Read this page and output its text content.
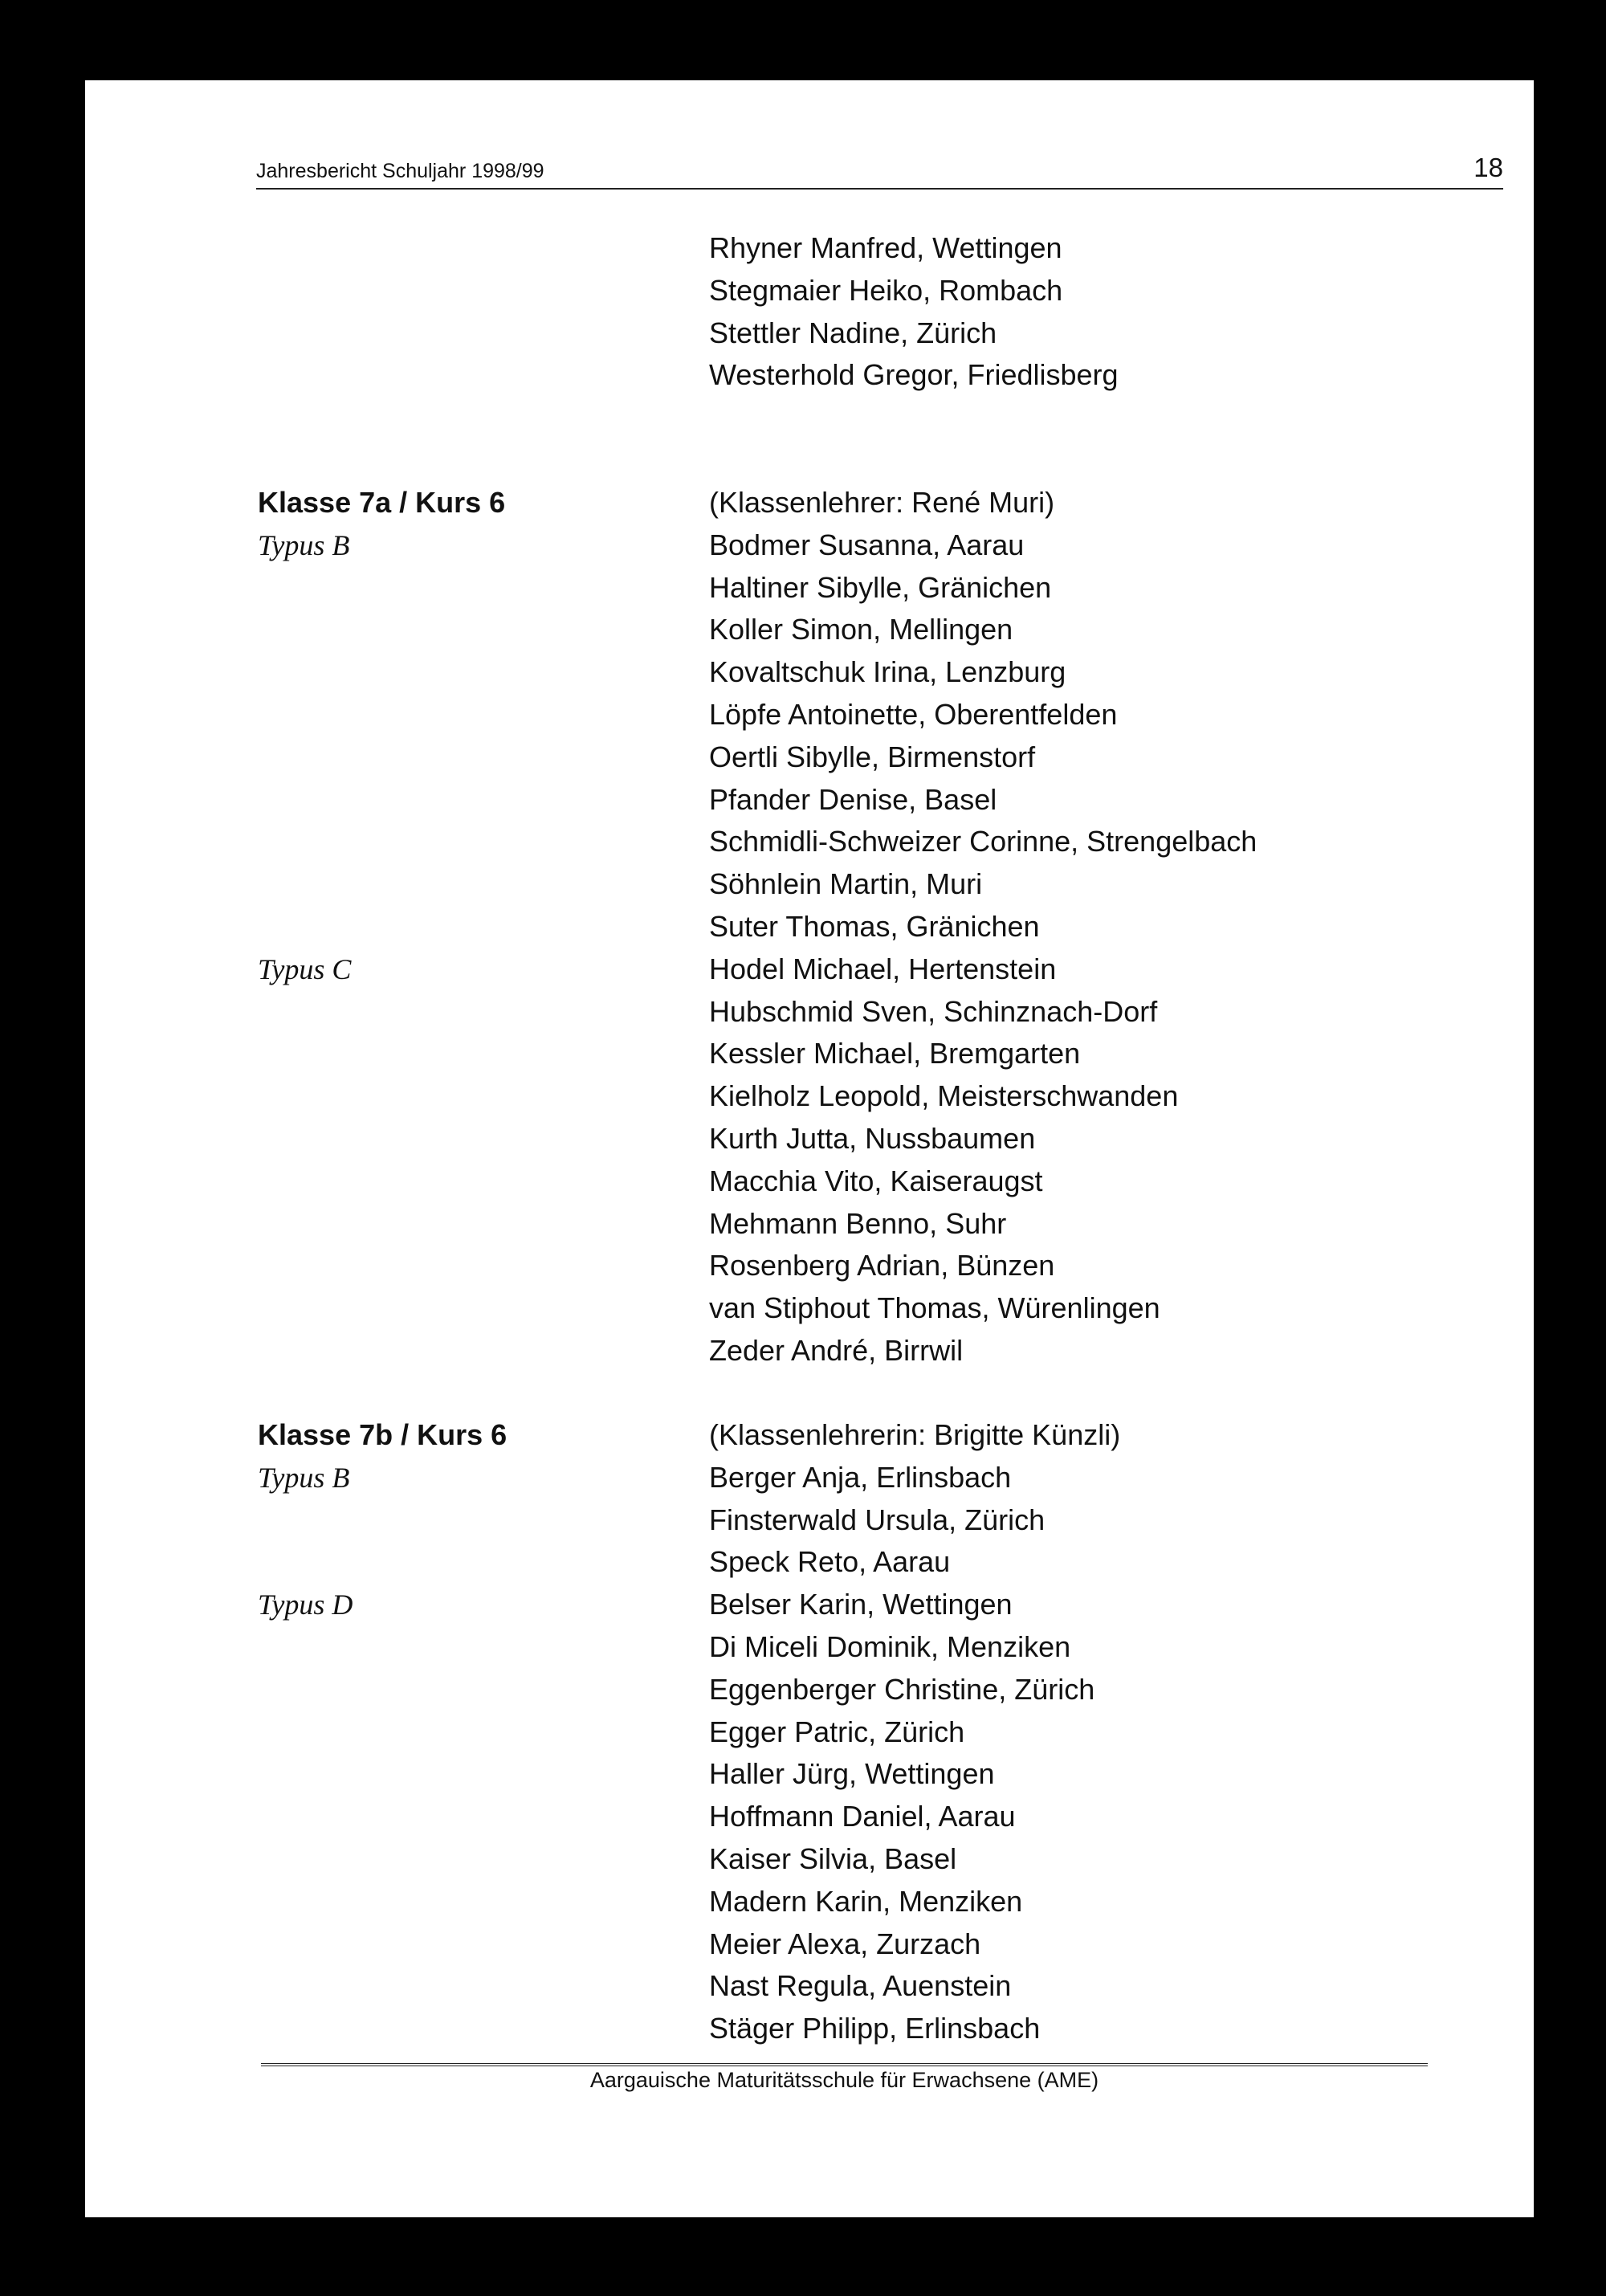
Jahresbericht Schuljahr 1998/99	18
Rhyner Manfred, Wettingen
Stegmaier Heiko, Rombach
Stettler Nadine, Zürich
Westerhold Gregor, Friedlisberg
Klasse 7a / Kurs 6
Typus B
Typus C
(Klassenlehrer: René Muri)
Bodmer Susanna, Aarau
Haltiner Sibylle, Gränichen
Koller Simon, Mellingen
Kovaltschuk Irina, Lenzburg
Löpfe Antoinette, Oberentfelden
Oertli Sibylle, Birmenstorf
Pfander Denise, Basel
Schmidli-Schweizer Corinne, Strengelbach
Söhnlein Martin, Muri
Suter Thomas, Gränichen
Hodel Michael, Hertenstein
Hubschmid Sven, Schinznach-Dorf
Kessler Michael, Bremgarten
Kielholz Leopold, Meisterschwanden
Kurth Jutta, Nussbaumen
Macchia Vito, Kaiseraugst
Mehmann Benno, Suhr
Rosenberg Adrian, Bünzen
van Stiphout Thomas, Würenlingen
Zeder André, Birrwil
Klasse 7b / Kurs 6
Typus B
Typus D
(Klassenlehrerin: Brigitte Künzli)
Berger Anja, Erlinsbach
Finsterwald Ursula, Zürich
Speck Reto, Aarau
Belser Karin, Wettingen
Di Miceli Dominik, Menziken
Eggenberger Christine, Zürich
Egger Patric, Zürich
Haller Jürg, Wettingen
Hoffmann Daniel, Aarau
Kaiser Silvia, Basel
Madern Karin, Menziken
Meier Alexa, Zurzach
Nast Regula, Auenstein
Stäger Philipp, Erlinsbach
Aargauische Maturitätsschule für Erwachsene (AME)
